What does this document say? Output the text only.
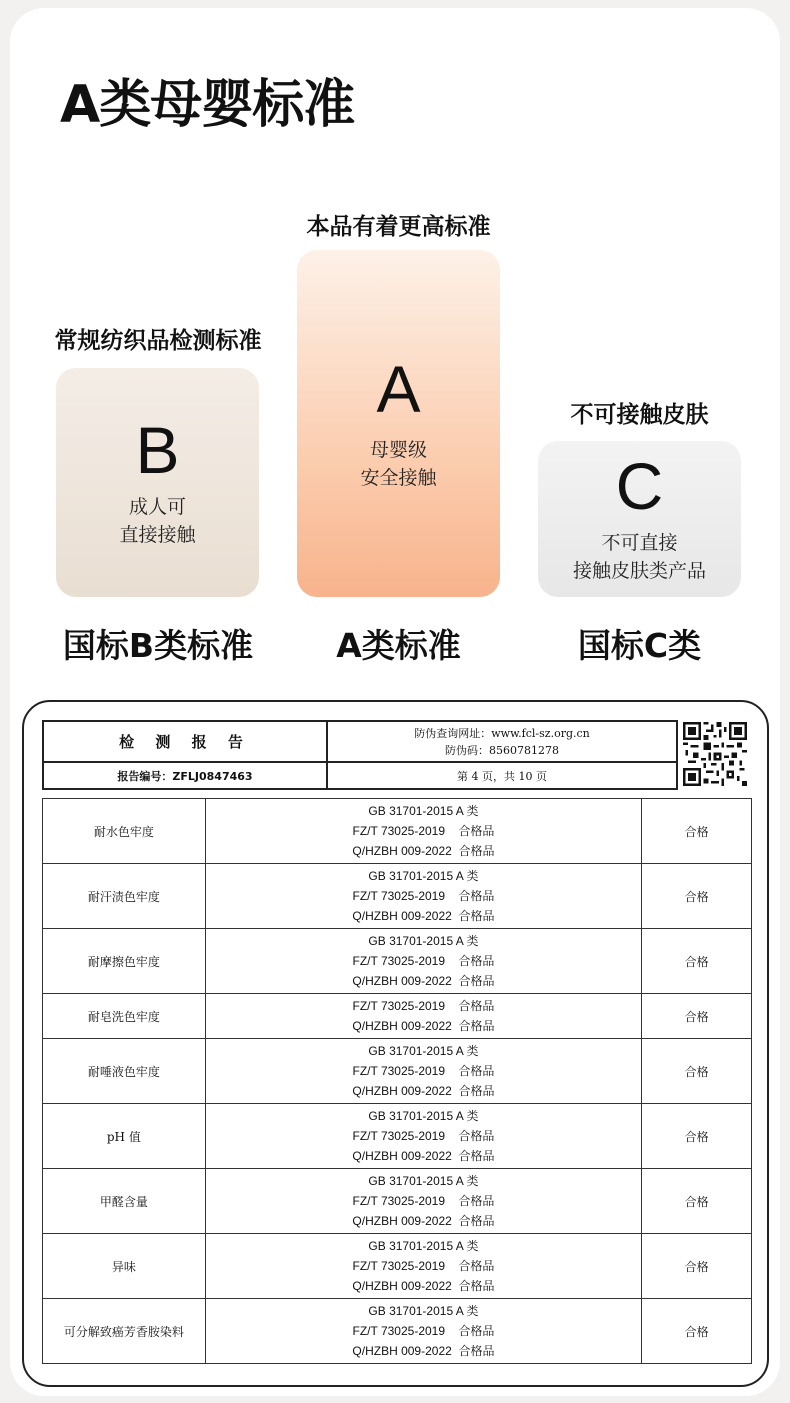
A类母婴标准
常规纺织品检测标准
本品有着更高标准
不可接触皮肤
B
成人可
直接接触
A
母婴级
安全接触	C
不可直接
接触皮肤类产品
国标B类标准	A类标准	国标C类
检 测 报 告	防伪查询网址：www.fcl-sz.org.cn
防伪码：8560781278
报告编号：ZFLJ0847463	第 4 页，共 10 页
耐水色牢度	GB 31701-2015 A 类
FZ/T 73025-2019    合格品
Q/HZBH 009-2022  合格品	合格
耐汗渍色牢度	GB 31701-2015 A 类
FZ/T 73025-2019    合格品
Q/HZBH 009-2022  合格品	合格
耐摩擦色牢度	GB 31701-2015 A 类
FZ/T 73025-2019    合格品
Q/HZBH 009-2022  合格品	合格
耐皂洗色牢度	FZ/T 73025-2019    合格品
Q/HZBH 009-2022  合格品	合格
耐唾液色牢度	GB 31701-2015 A 类
FZ/T 73025-2019    合格品
Q/HZBH 009-2022  合格品	合格
pH 值	GB 31701-2015 A 类
FZ/T 73025-2019    合格品
Q/HZBH 009-2022  合格品	合格
甲醛含量	GB 31701-2015 A 类
FZ/T 73025-2019    合格品
Q/HZBH 009-2022  合格品	合格
异味	GB 31701-2015 A 类
FZ/T 73025-2019    合格品
Q/HZBH 009-2022  合格品	合格
可分解致癌芳香胺染料	GB 31701-2015 A 类
FZ/T 73025-2019    合格品
Q/HZBH 009-2022  合格品	合格
